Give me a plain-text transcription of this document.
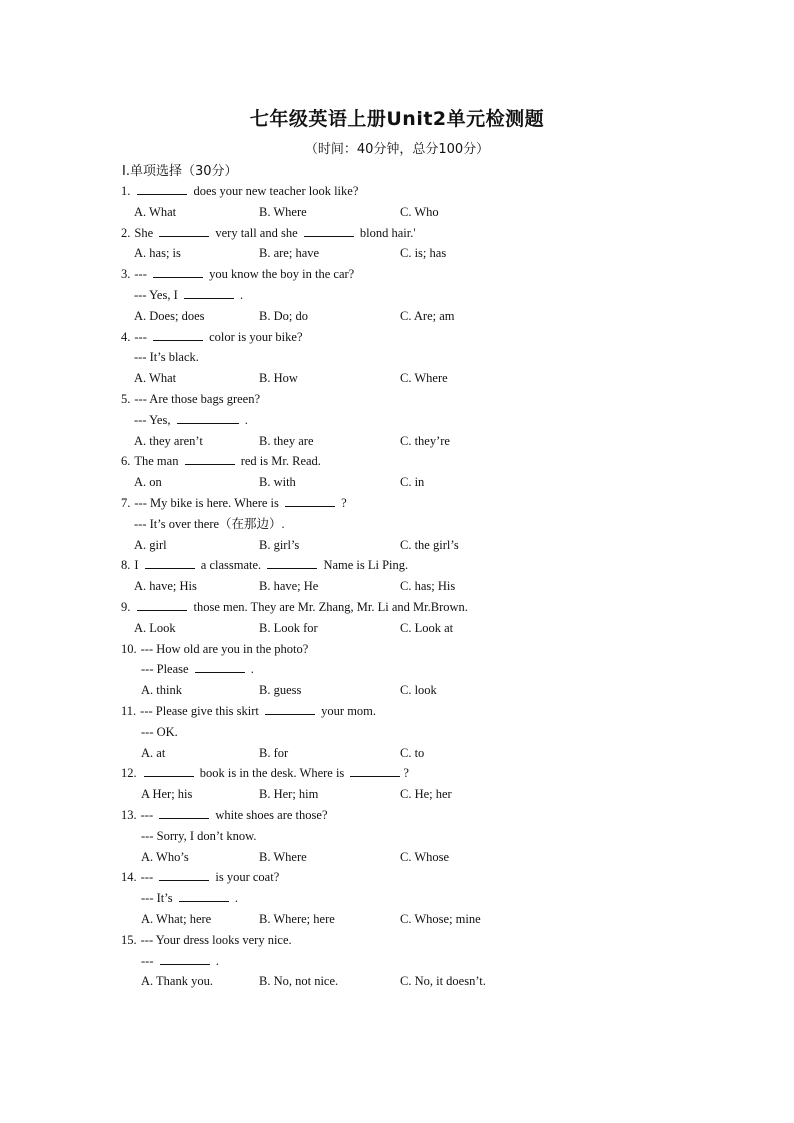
七年级英语上册Unit2单元检测题
（时间：40分钟，总分100分）
Ⅰ.单项选择（30分）
1.	does your new teacher look like?
A. What	B. Where	C. Who
2. She	very tall and she	blond hair.'
A. has; is	B. are; have	C. is; has
3. ---	you know the boy in the car?
--- Yes, I	.
A. Does; does	B. Do; do	C. Are; am
4. ---	color is your bike?
--- It’s black.
A. What	B. How	C. Where
5. --- Are those bags green?
--- Yes,	.
A. they aren’t	B. they are	C. they’re
6. The man	red is Mr. Read.
A. on	B. with	C. in
7. --- My bike is here. Where is	?
--- It’s over there（在那边）.
A. girl	B. girl’s	C. the girl’s
8. I	a classmate.	Name is Li Ping.
A. have; His	B. have; He	C. has; His
9.	those men. They are Mr. Zhang, Mr. Li and Mr.Brown.
A. Look	B. Look for	C. Look at
10. --- How old are you in the photo?
--- Please	.
A. think	B. guess	C. look
11. --- Please give this skirt	your mom.
--- OK.
A. at	B. for	C. to
12.	book is in the desk. Where is	?
A Her; his	B. Her; him	C. He; her
13. ---	white shoes are those?
--- Sorry, I don’t know.
A. Who’s	B. Where	C. Whose
14. ---	is your coat?
--- It’s	.
A. What; here	B. Where; here	C. Whose; mine
15. --- Your dress looks very nice.
---	.
A. Thank you.	B. No, not nice.	C. No, it doesn’t.
